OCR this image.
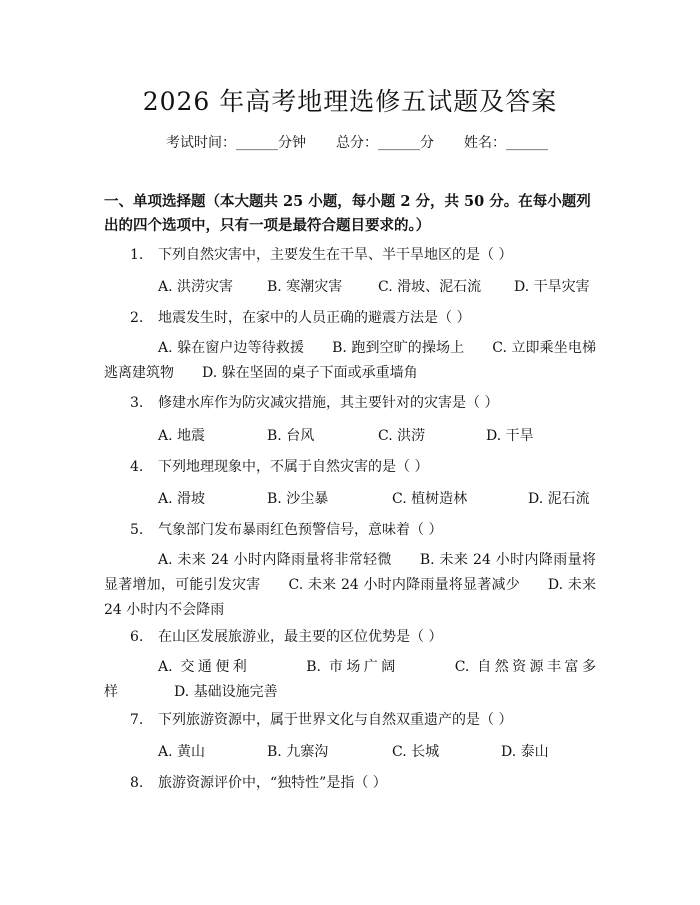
2026 年高考地理选修五试题及答案
考试时间：______分钟 总分：______分 姓名：______
一、单项选择题（本大题共 25 小题，每小题 2 分，共 50 分。在每小题列出的四个选项中，只有一项是最符合题目要求的。）
1. 下列自然灾害中，主要发生在干旱、半干旱地区的是（ ）
A. 洪涝灾害 B. 寒潮灾害	C. 滑坡、泥石流 D. 干旱灾害
2. 地震发生时，在家中的人员正确的避震方法是（ ）
A. 躲在窗户边等待救援   B. 跑到空旷的操场上   C. 立即乘坐电梯逃离建筑物   D. 躲在坚固的桌子下面或承重墙角
3. 修建水库作为防灾减灾措施，其主要针对的灾害是（ ）
A. 地震	B. 台风	C. 洪涝	D. 干旱
4. 下列地理现象中，不属于自然灾害的是（ ）
A. 滑坡	B. 沙尘暴	C. 植树造林	D. 泥石流
5. 气象部门发布暴雨红色预警信号，意味着（ ）
A. 未来 24 小时内降雨量将非常轻微   B. 未来 24 小时内降雨量将显著增加，可能引发灾害   C. 未来 24 小时内降雨量将显著减少   D. 未来 24 小时内不会降雨
6. 在山区发展旅游业，最主要的区位优势是（ ）
A. 交通便利    	B. 市场广阔    	C. 自然资源丰富多样    	D. 基础设施完善
7. 下列旅游资源中，属于世界文化与自然双重遗产的是（ ）
A. 黄山	B. 九寨沟	C. 长城	D. 泰山
8. 旅游资源评价中，“独特性”是指（ ）
